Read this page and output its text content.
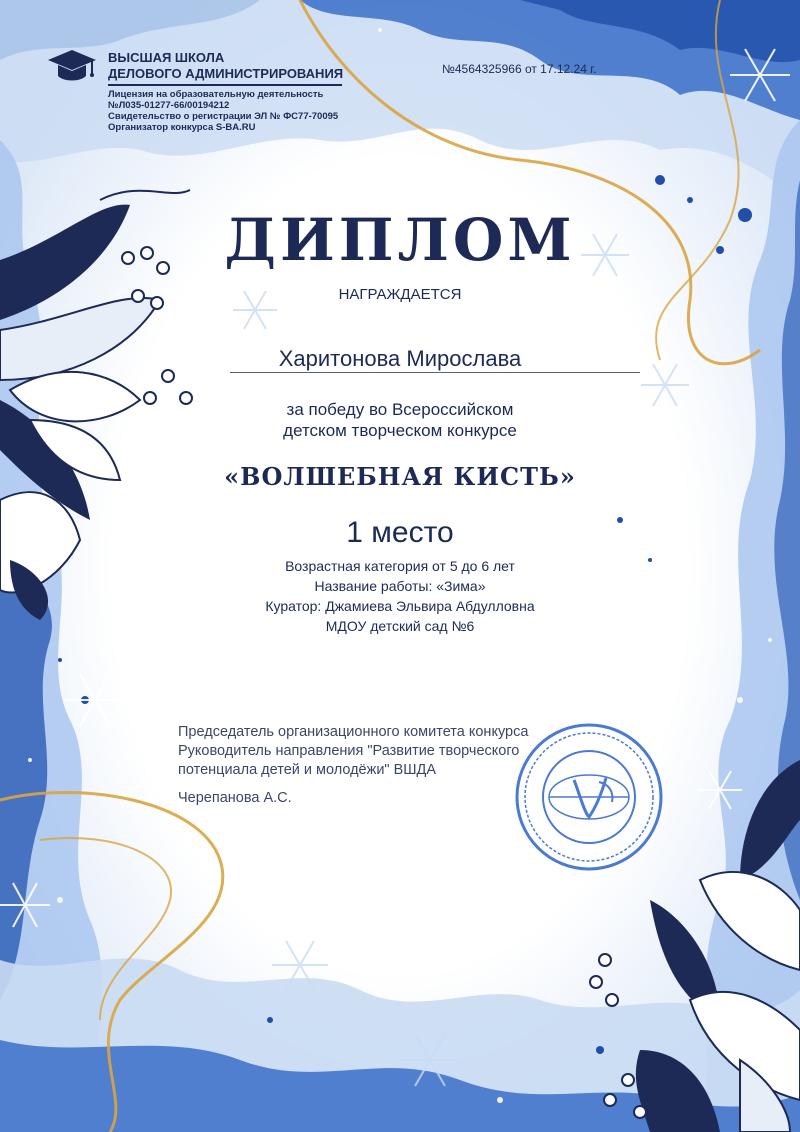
ВЫСШАЯ ШКОЛА
ДЕЛОВОГО АДМИНИСТРИРОВАНИЯ
Лицензия на образовательную деятельность
№Л035-01277-66/00194212
Свидетельство о регистрации ЭЛ № ФС77-70095
Организатор конкурса S-BA.RU
№4564325966 от 17.12.24 г.
ДИПЛОМ
НАГРАЖДАЕТСЯ
Харитонова Мирослава
за победу во Всероссийском
детском творческом конкурсе
«ВОЛШЕБНАЯ КИСТЬ»
1 место
Возрастная категория от 5 до 6 лет
Название работы: «Зима»
Куратор: Джамиева Эльвира Абдулловна
МДОУ детский сад №6
Председатель организационного комитета конкурса
Руководитель направления "Развитие творческого
потенциала детей и молодёжи" ВШДА
Черепанова А.С.
